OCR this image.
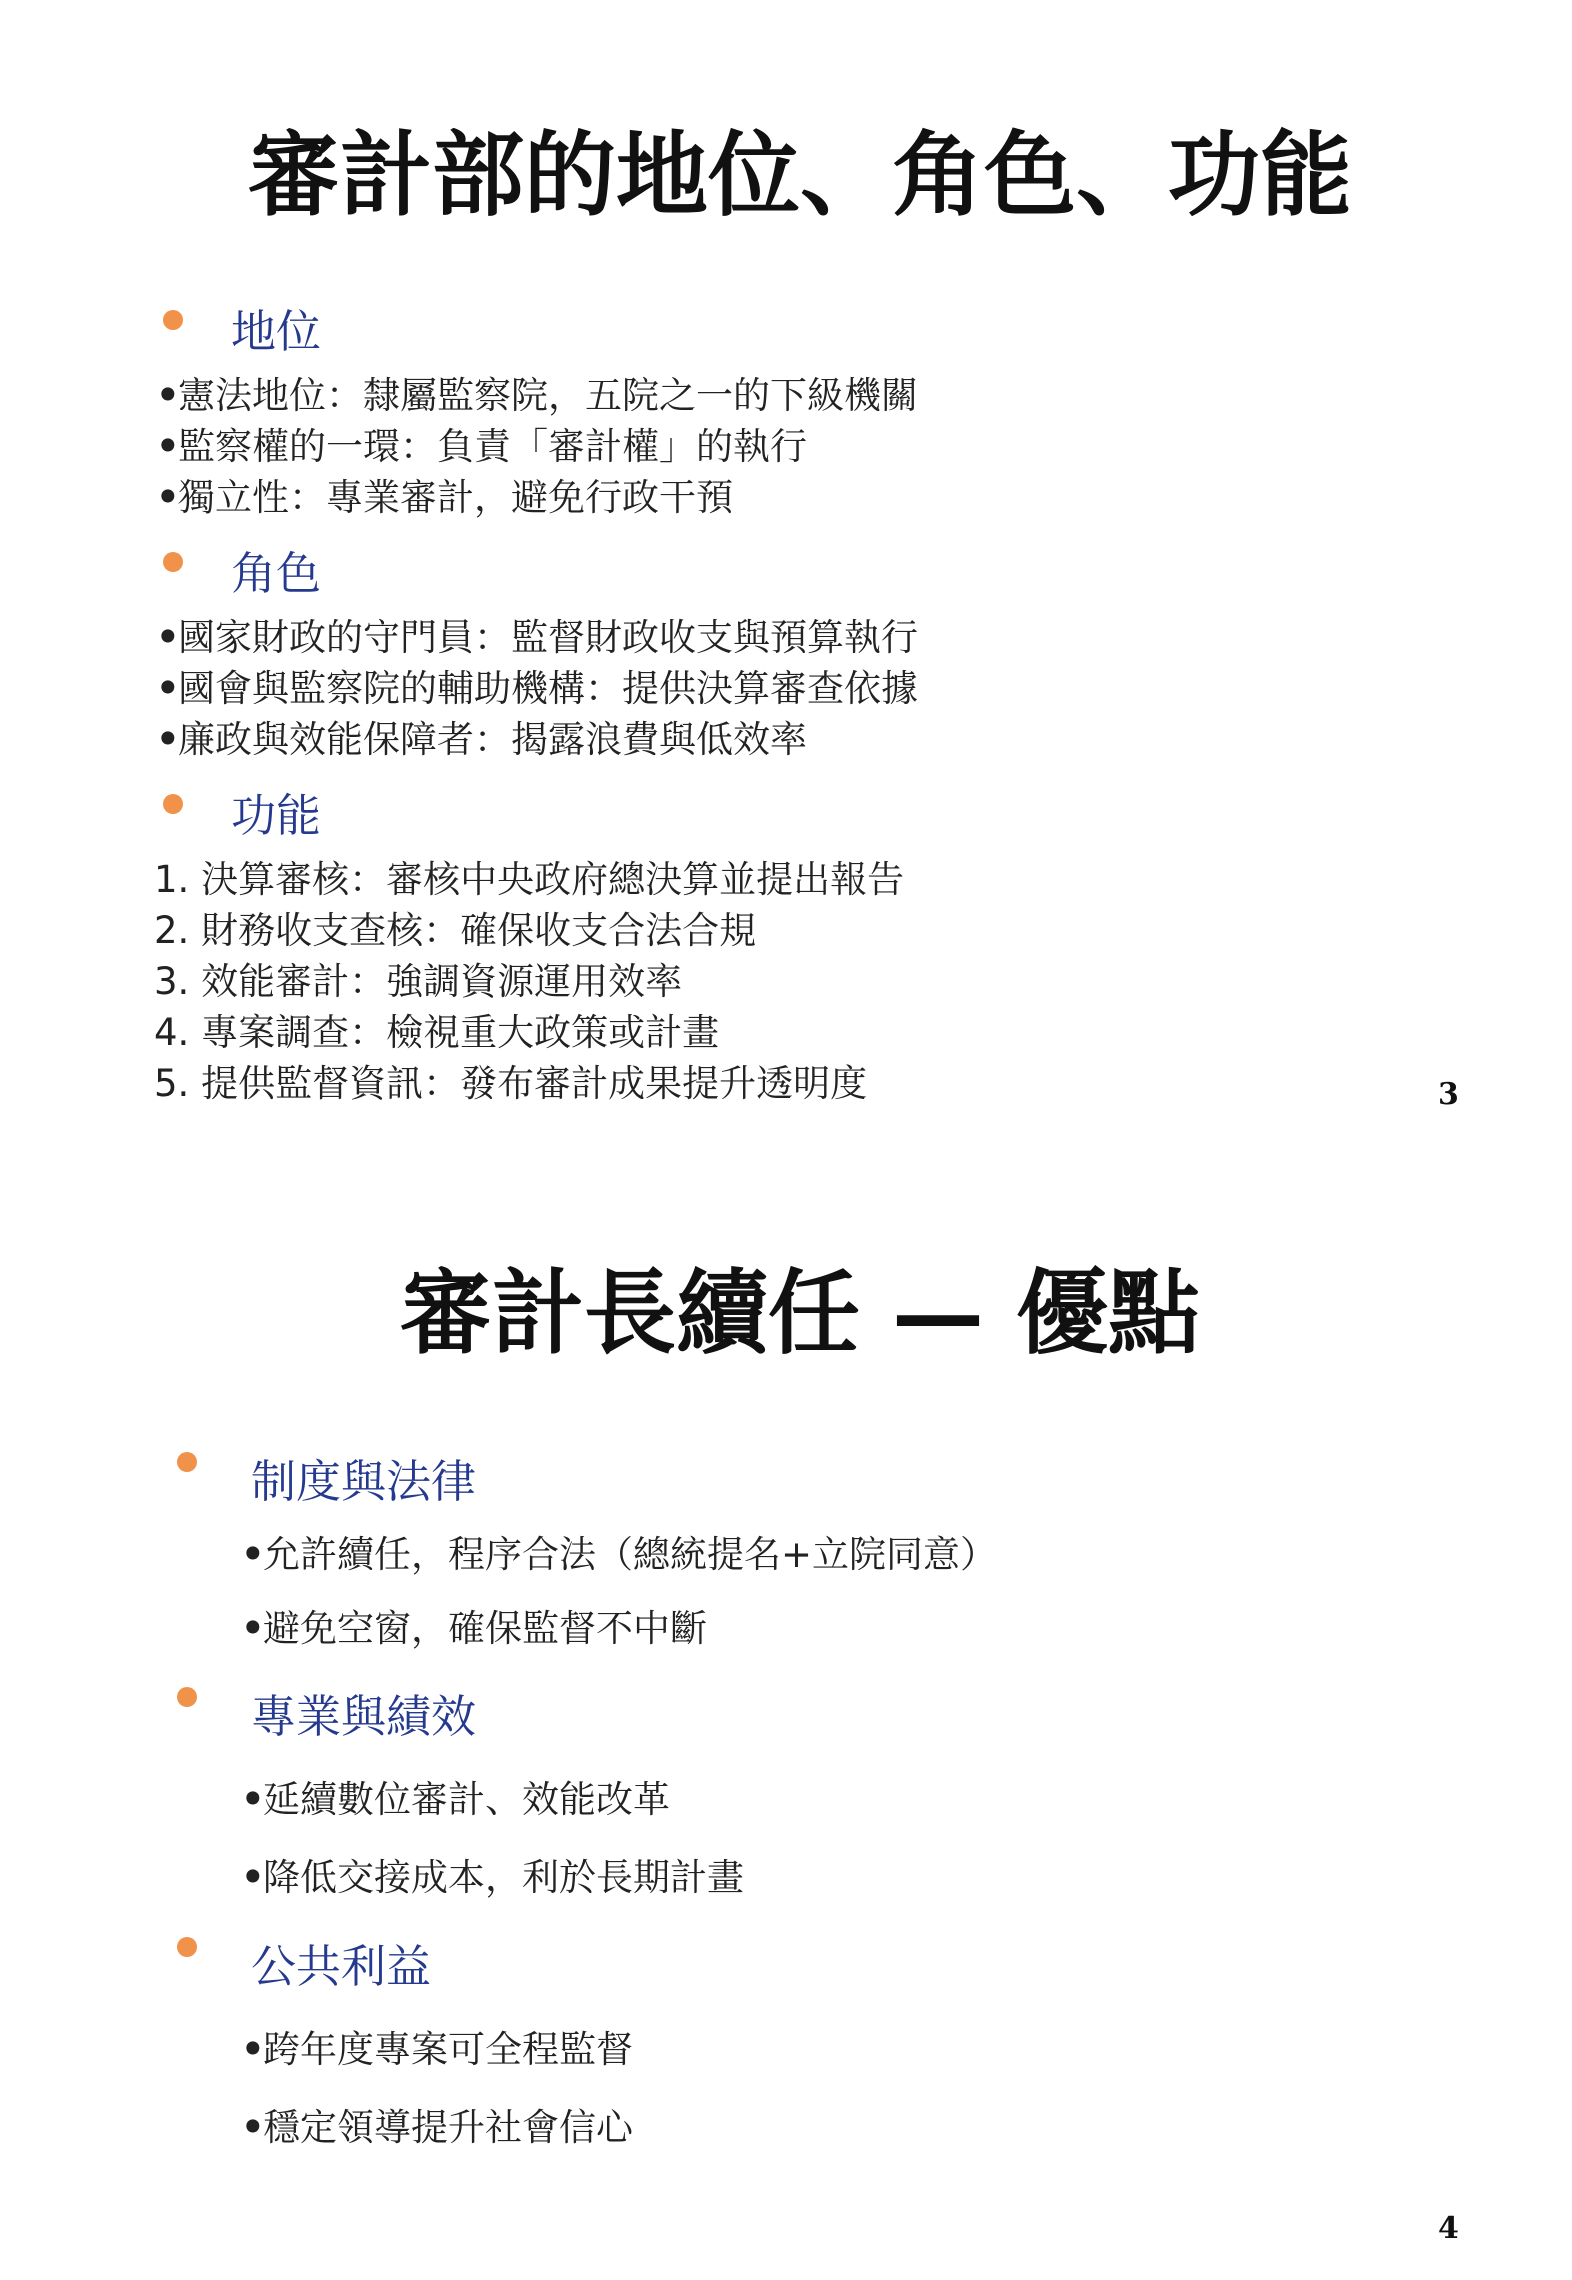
審計部的地位、角色、功能
地位
•憲法地位：隸屬監察院，五院之一的下級機關
•監察權的一環：負責「審計權」的執行
•獨立性：專業審計，避免行政干預
角色
•國家財政的守門員：監督財政收支與預算執行
•國會與監察院的輔助機構：提供決算審查依據
•廉政與效能保障者：揭露浪費與低效率
功能
1. 決算審核：審核中央政府總決算並提出報告
2. 財務收支查核：確保收支合法合規
3. 效能審計：強調資源運用效率
4. 專案調查：檢視重大政策或計畫
5. 提供監督資訊：發布審計成果提升透明度	3
審計長續任 — 優點
制度與法律
•允許續任，程序合法（總統提名+立院同意）
•避免空窗，確保監督不中斷
專業與績效
•延續數位審計、效能改革
•降低交接成本，利於長期計畫
公共利益
•跨年度專案可全程監督
•穩定領導提升社會信心
4
